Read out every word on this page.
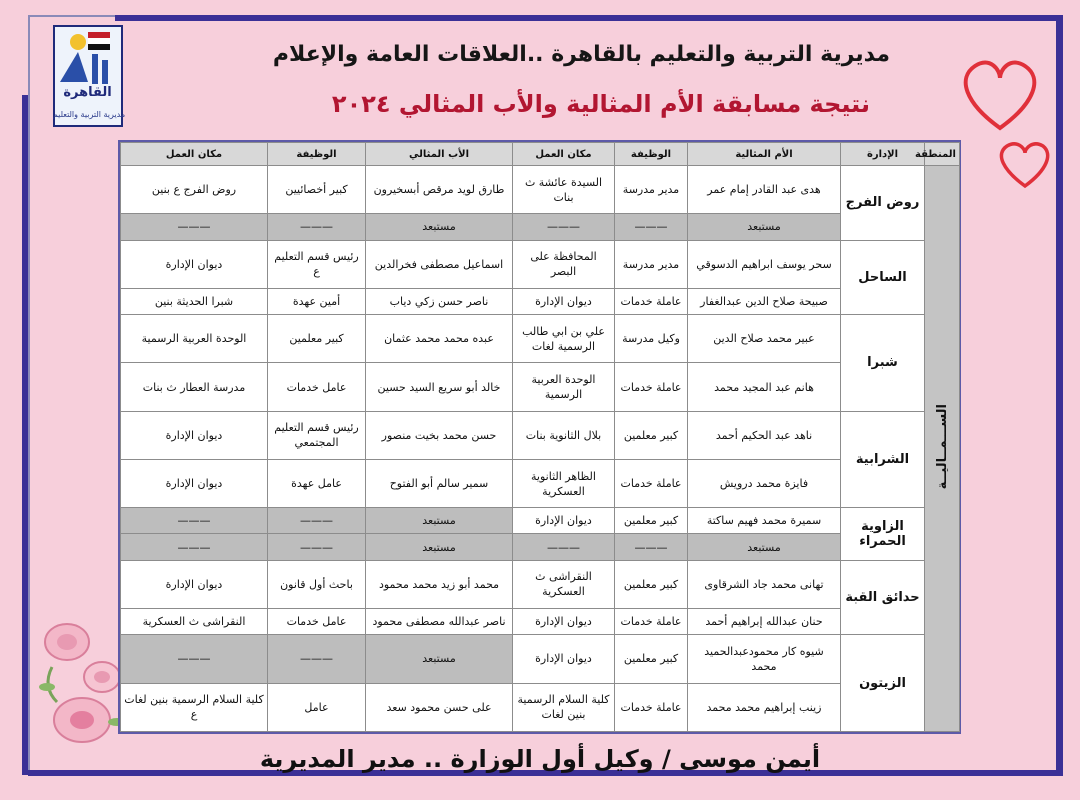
القاهرة
مديرية التربية والتعليم
مديرية التربية والتعليم بالقاهرة ..العلاقات العامة والإعلام
نتيجة مسابقة الأم المثالية والأب المثالي ٢٠٢٤
المنطقة	الإدارة	الأم المثالية	الوظيفة	مكان العمل	الأب المثالي	الوظيفة	مكان العمل
الســـمــاليــة	روض الفرج	هدى عبد القادر إمام عمر	مدير مدرسة	السيدة عائشة ث بنات	طارق لويد مرقص أبسخيرون	كبير أخصائيين	روض الفرج ع بنين
		مستبعد	———	———	مستبعد	———	———
	الساحل	سحر يوسف ابراهيم الدسوقي	مدير مدرسة	المحافظة على البصر	اسماعيل مصطفى فخرالدين	رئيس قسم التعليم ع	ديوان الإدارة
		صبيحة صلاح الدين عبدالغفار	عاملة خدمات	ديوان الإدارة	ناصر حسن زكي دياب	أمين عهدة	شبرا الحديثة بنين
	شبرا	عبير محمد صلاح الدين	وكيل مدرسة	علي بن ابي طالب الرسمية لغات	عبده محمد محمد عثمان	كبير معلمين	الوحدة العربية الرسمية
		هانم عبد المجيد محمد	عاملة خدمات	الوحدة العربية الرسمية	خالد أبو سريع السيد حسين	عامل خدمات	مدرسة العطار ث بنات
	الشرابية	ناهد عبد الحكيم أحمد	كبير معلمين	بلال الثانوية بنات	حسن محمد بخيت منصور	رئيس قسم التعليم المجتمعي	ديوان الإدارة
		فايزة محمد درويش	عاملة خدمات	الظاهر الثانوية العسكرية	سمير سالم أبو الفتوح	عامل عهدة	ديوان الإدارة
	الزاوية الحمراء	سميرة محمد فهيم ساكتة	كبير معلمين	ديوان الإدارة	مستبعد	———	———
		مستبعد	———	———	مستبعد	———	———
	حدائق القبة	تهانى محمد جاد الشرقاوى	كبير معلمين	النقراشى ث العسكرية	محمد أبو زيد محمد محمود	باحث أول قانون	ديوان الإدارة
		حنان عبدالله إبراهيم أحمد	عاملة خدمات	ديوان الإدارة	ناصر عبدالله مصطفى محمود	عامل خدمات	النقراشى ث العسكرية
	الزيتون	شيوه كار محمودعبدالحميد محمد	كبير معلمين	ديوان الإدارة	مستبعد	———	———
		زينب إبراهيم محمد محمد	عاملة خدمات	كلية السلام الرسمية بنين لغات	على حسن محمود سعد	عامل	كلية السلام الرسمية بنين لغات ع
أيمن موسى / وكيل أول الوزارة .. مدير المديرية
